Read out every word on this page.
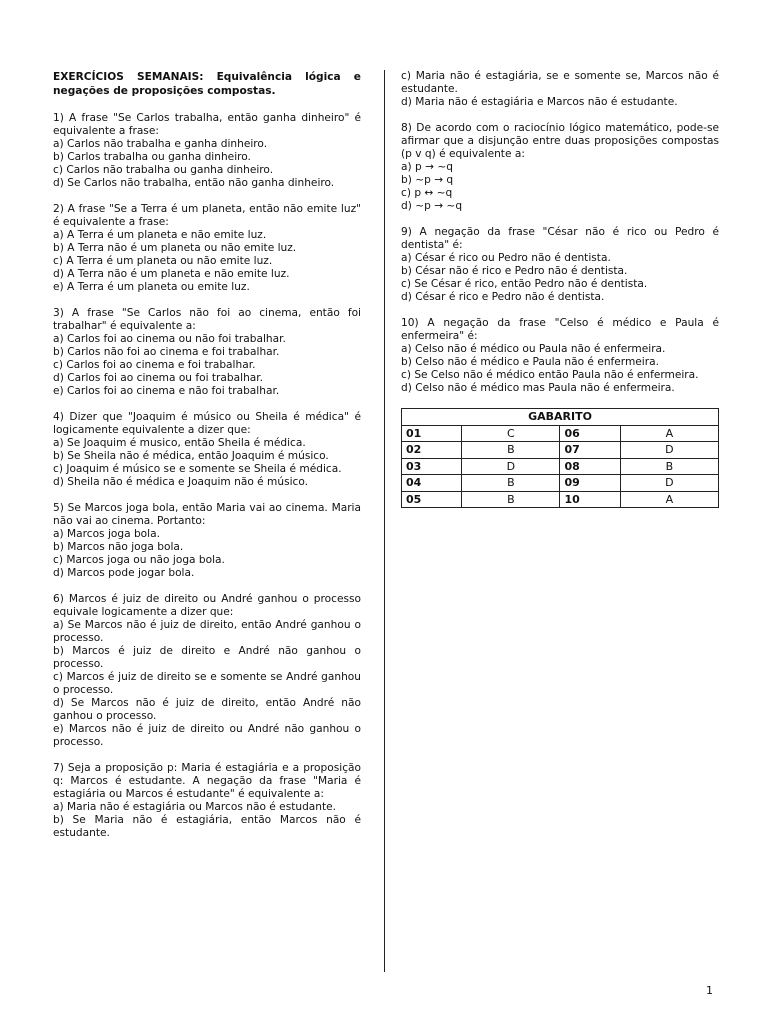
EXERCÍCIOS SEMANAIS: Equivalência lógica e negações de proposições compostas.

1) A frase "Se Carlos trabalha, então ganha dinheiro" é equivalente a frase:

a) Carlos não trabalha e ganha dinheiro.

b) Carlos trabalha ou ganha dinheiro.

c) Carlos não trabalha ou ganha dinheiro.

d) Se Carlos não trabalha, então não ganha dinheiro.

2) A frase "Se a Terra é um planeta, então não emite luz" é equivalente a frase:

a) A Terra é um planeta e não emite luz.

b) A Terra não é um planeta ou não emite luz.

c) A Terra é um planeta ou não emite luz.

d) A Terra não é um planeta e não emite luz.

e) A Terra é um planeta ou emite luz.

3) A frase "Se Carlos não foi ao cinema, então foi trabalhar" é equivalente a:

a) Carlos foi ao cinema ou não foi trabalhar.

b) Carlos não foi ao cinema e foi trabalhar.

c) Carlos foi ao cinema e foi trabalhar.

d) Carlos foi ao cinema ou foi trabalhar.

e) Carlos foi ao cinema e não foi trabalhar.

4) Dizer que "Joaquim é músico ou Sheila é médica" é logicamente equivalente a dizer que:

a) Se Joaquim é musico, então Sheila é médica.

b) Se Sheila não é médica, então Joaquim é músico.

c) Joaquim é músico se e somente se Sheila é médica.

d) Sheila não é médica e Joaquim não é músico.

5) Se Marcos joga bola, então Maria vai ao cinema. Maria não vai ao cinema. Portanto:

a) Marcos joga bola.

b) Marcos não joga bola.

c) Marcos joga ou não joga bola.

d) Marcos pode jogar bola.

6) Marcos é juiz de direito ou André ganhou o processo equivale logicamente a dizer que:

a) Se Marcos não é juiz de direito, então André ganhou o processo.

b) Marcos é juiz de direito e André não ganhou o processo.

c) Marcos é juiz de direito se e somente se André ganhou o processo.

d) Se Marcos não é juiz de direito, então André não ganhou o processo.

e) Marcos não é juiz de direito ou André não ganhou o processo.

7) Seja a proposição p: Maria é estagiária e a proposição q: Marcos é estudante. A negação da frase "Maria é estagiária ou Marcos é estudante" é equivalente a:

a) Maria não é estagiária ou Marcos não é estudante.

b) Se Maria não é estagiária, então Marcos não é estudante.

c) Maria não é estagiária, se e somente se, Marcos não é estudante.

d) Maria não é estagiária e Marcos não é estudante.

8) De acordo com o raciocínio lógico matemático, pode-se afirmar que a disjunção entre duas proposições compostas (p v q) é equivalente a:

a) p → ~q

b) ~p → q

c) p ↔ ~q

d) ~p → ~q

9) A negação da frase "César não é rico ou Pedro é dentista" é:

a) César é rico ou Pedro não é dentista.

b) César não é rico e Pedro não é dentista.

c) Se César é rico, então Pedro não é dentista.

d) César é rico e Pedro não é dentista.

10) A negação da frase "Celso é médico e Paula é enfermeira" é:

a) Celso não é médico ou Paula não é enfermeira.

b) Celso não é médico e Paula não é enfermeira.

c) Se Celso não é médico então Paula não é enfermeira.

d) Celso não é médico mas Paula não é enfermeira.

GABARITO			
01	C	06	A
02	B	07	D
03	D	08	B
04	B	09	D
05	B	10	A
1
